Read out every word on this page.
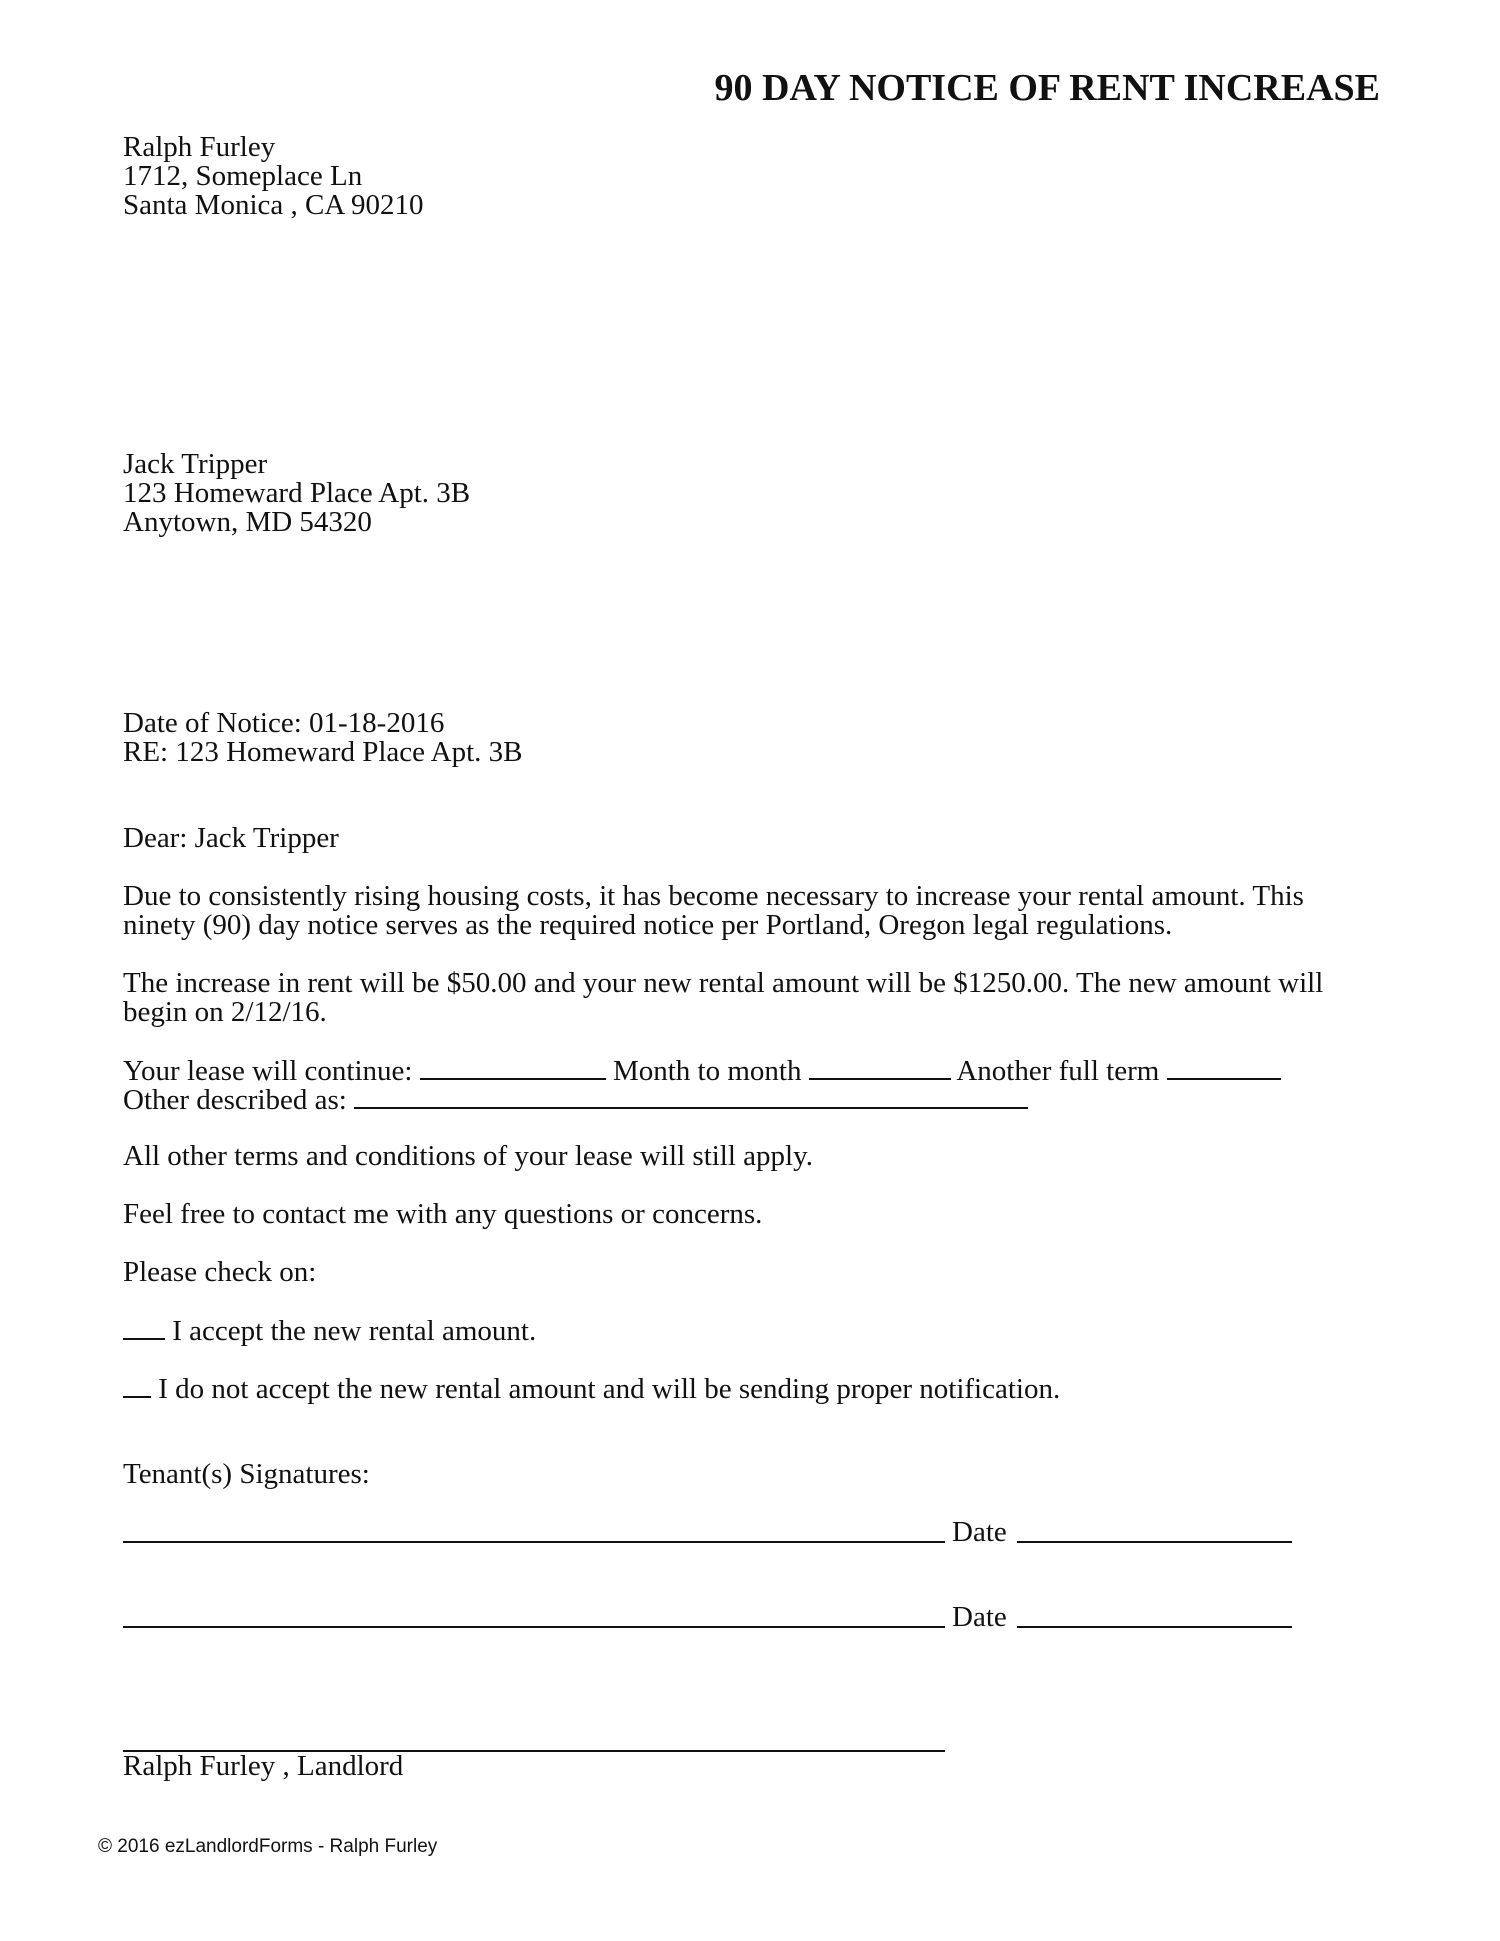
90 DAY NOTICE OF RENT INCREASE
Ralph Furley
1712, Someplace Ln
Santa Monica , CA 90210
Jack Tripper
123 Homeward Place Apt. 3B
Anytown, MD 54320
Date of Notice: 01-18-2016
RE: 123 Homeward Place Apt. 3B
Dear: Jack Tripper
Due to consistently rising housing costs, it has become necessary to increase your rental amount. This ninety (90) day notice serves as the required notice per Portland, Oregon legal regulations.
The increase in rent will be $50.00 and your new rental amount will be $1250.00. The new amount will begin on 2/12/16.
Your lease will continue:	Month to month	Another full term
Other described as:
All other terms and conditions of your lease will still apply.
Feel free to contact me with any questions or concerns.
Please check on:
I accept the new rental amount.
I do not accept the new rental amount and will be sending proper notification.
Tenant(s) Signatures:
Date
Date
Ralph Furley , Landlord
© 2016 ezLandlordForms - Ralph Furley
